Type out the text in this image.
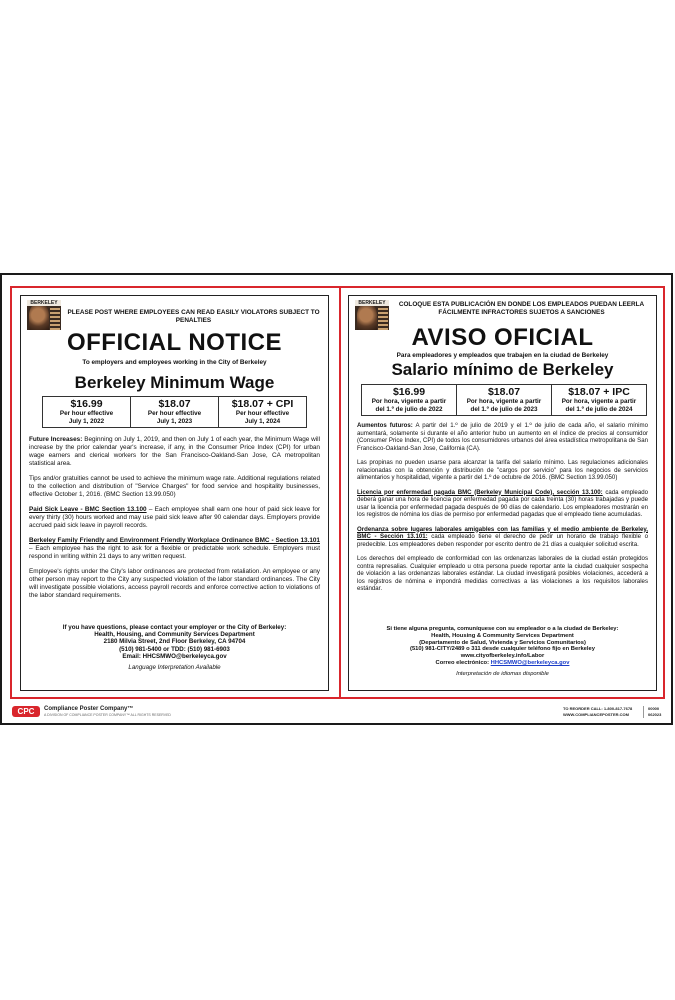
BERKELEY
PLEASE POST WHERE EMPLOYEES CAN READ EASILY VIOLATORS SUBJECT TO PENALTIES
OFFICIAL NOTICE
To employers and employees working in the City of Berkeley
Berkeley Minimum Wage
$16.99
Per hour effective
July 1, 2022
$18.07
Per hour effective
July 1, 2023
$18.07 + CPI
Per hour effective
July 1, 2024

Future Increases: Beginning on July 1, 2019, and then on July 1 of each year, the Minimum Wage will increase by the prior calendar year's increase, if any, in the Consumer Price Index (CPI) for urban wage earners and clerical workers for the San Francisco-Oakland-San Jose, CA metropolitan statistical area.

Tips and/or gratuities cannot be used to achieve the minimum wage rate. Additional regulations related to the collection and distribution of "Service Charges" for food service and hospitality businesses, effective October 1, 2016. (BMC Section 13.99.050)

Paid Sick Leave - BMC Section 13.100 – Each employee shall earn one hour of paid sick leave for every thirty (30) hours worked and may use paid sick leave after 90 calendar days. Employers provide accrued paid sick leave in payroll records.

Berkeley Family Friendly and Environment Friendly Workplace Ordinance BMC - Section 13.101 – Each employee has the right to ask for a flexible or predictable work schedule. Employers must respond in writing within 21 days to any written request.

Employee's rights under the City's labor ordinances are protected from retaliation. An employee or any other person may report to the City any suspected violation of the labor standard ordinances. The City will investigate possible violations, access payroll records and enforce corrective action to violations of the labor standard requirements.

If you have questions, please contact your employer or the City of Berkeley:
Health, Housing, and Community Services Department
2180 Milvia Street, 2nd Floor Berkeley, CA 94704
(510) 981-5400 or TDD: (510) 981-6903
Email: HHCSMWO@berkeleyca.gov
Language Interpretation Available
BERKELEY	COLOQUE ESTA PUBLICACIÓN EN DONDE LOS EMPLEADOS PUEDAN LEERLA FÁCILMENTE INFRACTORES SUJETOS A SANCIONES
AVISO OFICIAL
Para empleadores y empleados que trabajen en la ciudad de Berkeley
Salario mínimo de Berkeley
$16.99
Por hora, vigente a partir
del 1.º de julio de 2022
$18.07
Por hora, vigente a partir
del 1.º de julio de 2023
$18.07 + IPC
Por hora, vigente a partir
del 1.º de julio de 2024

Aumentos futuros: A partir del 1.º de julio de 2019 y el 1.º de julio de cada año, el salario mínimo aumentará, solamente si durante el año anterior hubo un aumento en el índice de precios al consumidor (Consumer Price Index, CPI) de todos los consumidores urbanos del área estadística metropolitana de San Francisco-Oakland-San Jose, California (CA).

Las propinas no pueden usarse para alcanzar la tarifa del salario mínimo. Las regulaciones adicionales relacionadas con la obtención y distribución de "cargos por servicio" para los negocios de servicios alimentarios y hospitalidad, vigente a partir del 1.º de octubre de 2016. (BMC Section 13.99.050)

Licencia por enfermedad pagada BMC (Berkeley Municipal Code), sección 13.100: cada empleado deberá ganar una hora de licencia por enfermedad pagada por cada treinta (30) horas trabajadas y puede usar la licencia por enfermedad pagada después de 90 días de calendario. Los empleadores mostrarán en los registros de nómina los días de permiso por enfermedad pagadas que el empleado tiene acumuladas.

Ordenanza sobre lugares laborales amigables con las familias y el medio ambiente de Berkeley, BMC - Sección 13.101: cada empleado tiene el derecho de pedir un horario de trabajo flexible o predecible. Los empleadores deben responder por escrito dentro de 21 días a cualquier solicitud escrita.

Los derechos del empleado de conformidad con las ordenanzas laborales de la ciudad están protegidos contra represalias. Cualquier empleado u otra persona puede reportar ante la ciudad cualquier sospecha de violación a las ordenanzas laborales estándar. La ciudad investigará posibles violaciones, accederá a los registros de nómina e impondrá medidas correctivas a las violaciones a los requisitos laborales estándar.

Si tiene alguna pregunta, comuníquese con su empleador o a la ciudad de Berkeley:
Health, Housing & Community Services Department
(Departamento de Salud, Vivienda y Servicios Comunitarios)
(510) 981-CITY/2489 o 311 desde cualquier teléfono fijo en Berkeley
www.cityofberkeley.info/Labor
Correo electrónico: HHCSMWO@berkeleyca.gov
Interpretación de idiomas disponible
CPC	Compliance Poster Company™
A DIVISION OF COMPLIANCE POSTER COMPANY™ ALL RIGHTS RESERVED
TO REORDER CALL: 1-800-817-7678
WWW.COMPLIANCEPOSTER.COM
00000
062023
